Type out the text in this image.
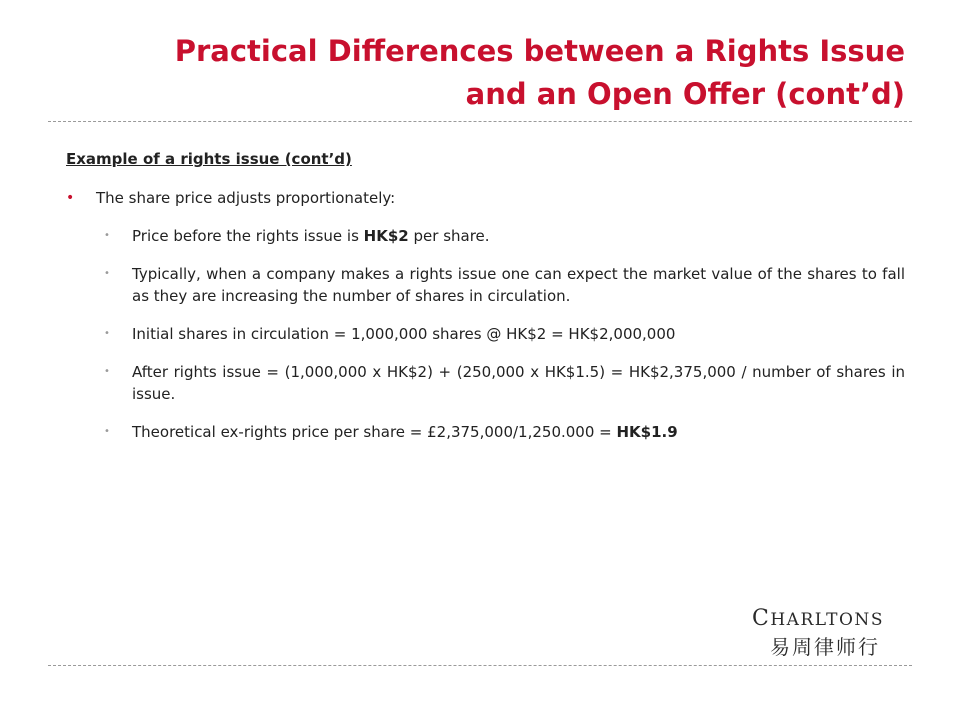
Practical Differences between a Rights Issue
and an Open Offer (cont’d)
Example of a rights issue (cont’d)
• The share price adjusts proportionately:
• Price before the rights issue is HK$2 per share.
• Typically, when a company makes a rights issue one can expect the market value of the shares to fall as they are increasing the number of shares in circulation.
• Initial shares in circulation = 1,000,000 shares @ HK$2 = HK$2,000,000
• After rights issue = (1,000,000 x HK$2) + (250,000 x HK$1.5) = HK$2,375,000 / number of shares in issue.
• Theoretical ex-rights price per share = £2,375,000/1,250.000 = HK$1.9
CHARLTONS
易周律师行
